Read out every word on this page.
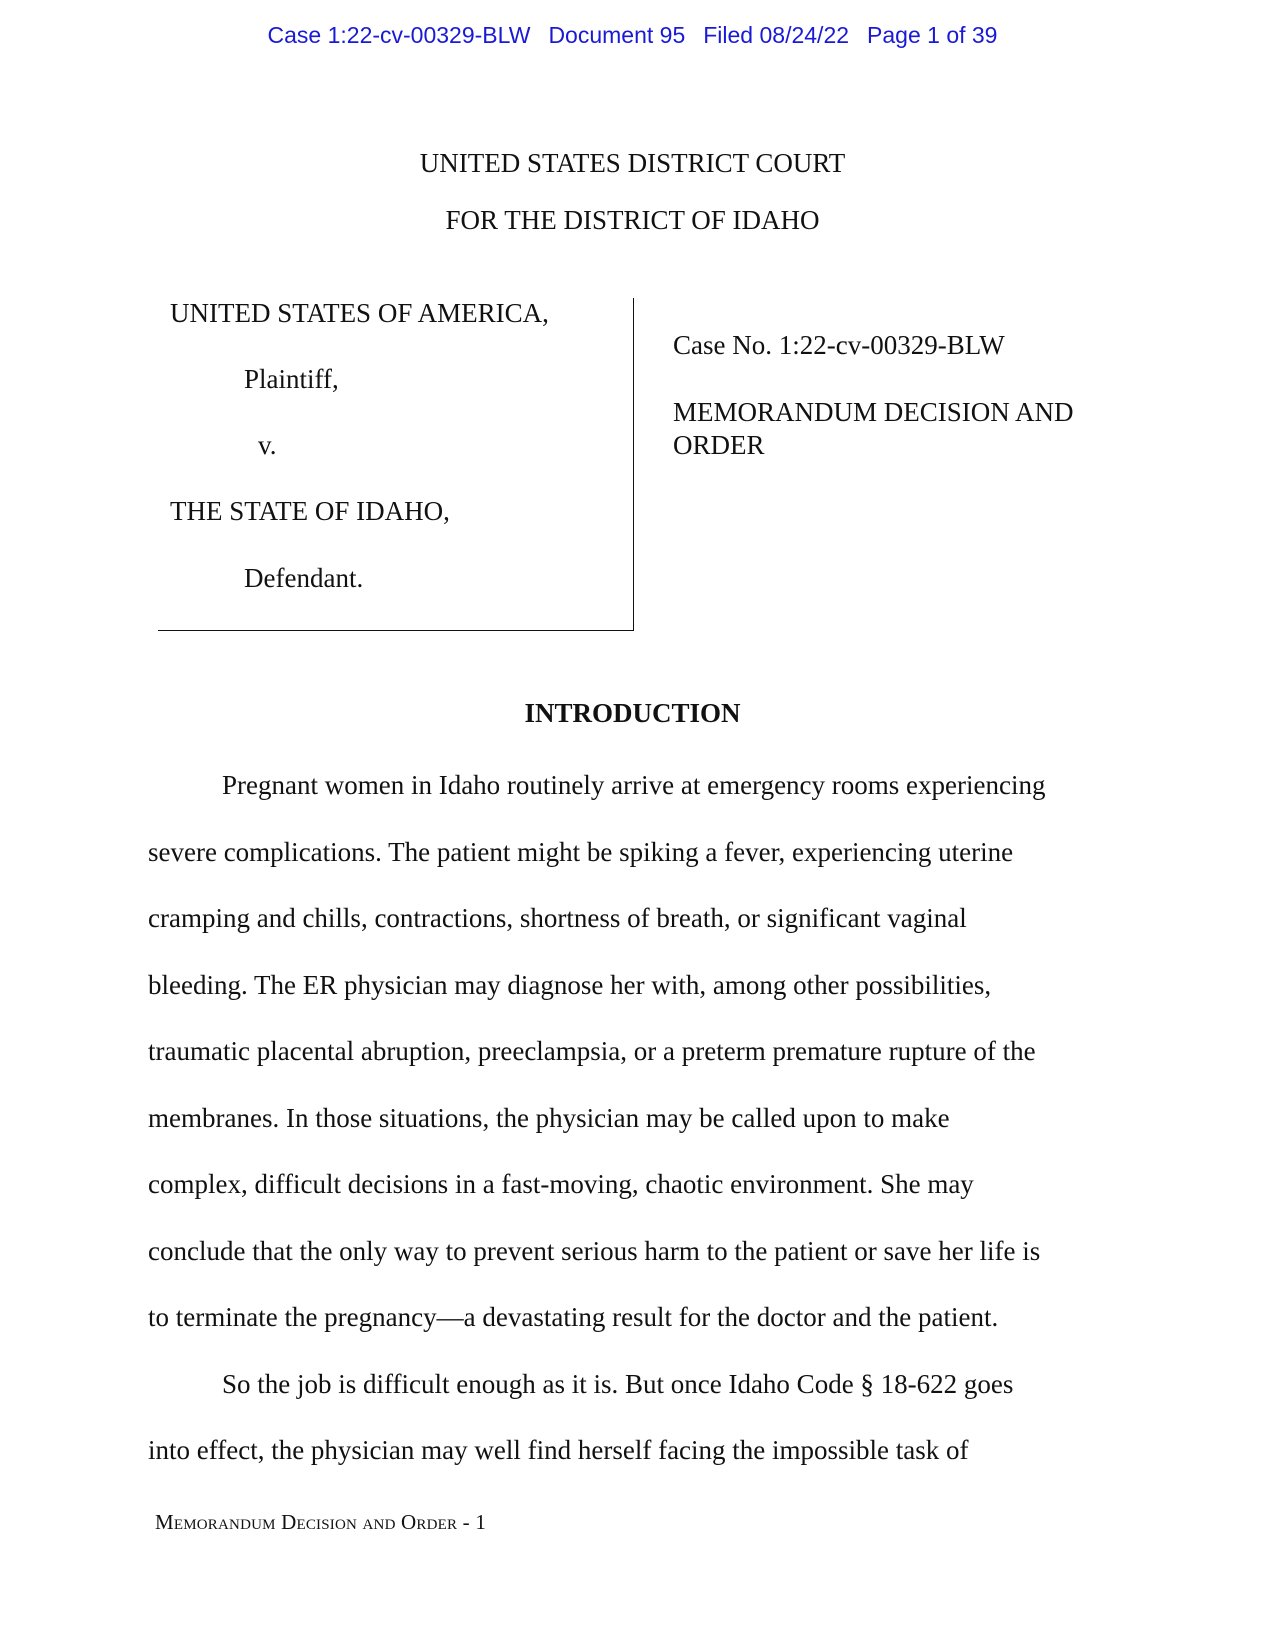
Case 1:22-cv-00329-BLW Document 95 Filed 08/24/22 Page 1 of 39
UNITED STATES DISTRICT COURT
FOR THE DISTRICT OF IDAHO
UNITED STATES OF AMERICA,
Plaintiff,
v.
THE STATE OF IDAHO,
Defendant.
Case No. 1:22-cv-00329-BLW
MEMORANDUM DECISION AND
ORDER
INTRODUCTION
Pregnant women in Idaho routinely arrive at emergency rooms experiencing
severe complications. The patient might be spiking a fever, experiencing uterine
cramping and chills, contractions, shortness of breath, or significant vaginal
bleeding. The ER physician may diagnose her with, among other possibilities,
traumatic placental abruption, preeclampsia, or a preterm premature rupture of the
membranes. In those situations, the physician may be called upon to make
complex, difficult decisions in a fast-moving, chaotic environment. She may
conclude that the only way to prevent serious harm to the patient or save her life is
to terminate the pregnancy—a devastating result for the doctor and the patient.
So the job is difficult enough as it is. But once Idaho Code § 18-622 goes
into effect, the physician may well find herself facing the impossible task of
Memorandum Decision and Order - 1
